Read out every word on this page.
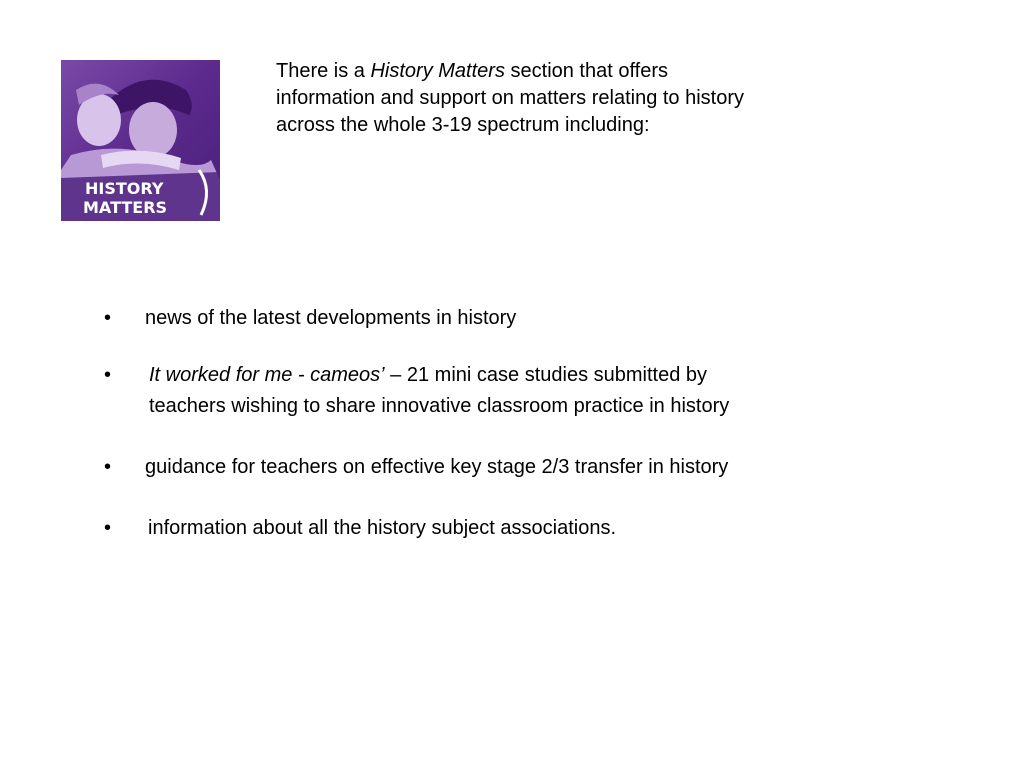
HISTORY
MATTERS
There is a History Matters section that offers
information and support on matters relating to history
across the whole 3-19 spectrum including:
• news of the latest developments in history
• It worked for me - cameos’ – 21 mini case studies submitted by
teachers wishing to share innovative classroom practice in history
• guidance for teachers on effective key stage 2/3 transfer in history
• information about all the history subject associations.
